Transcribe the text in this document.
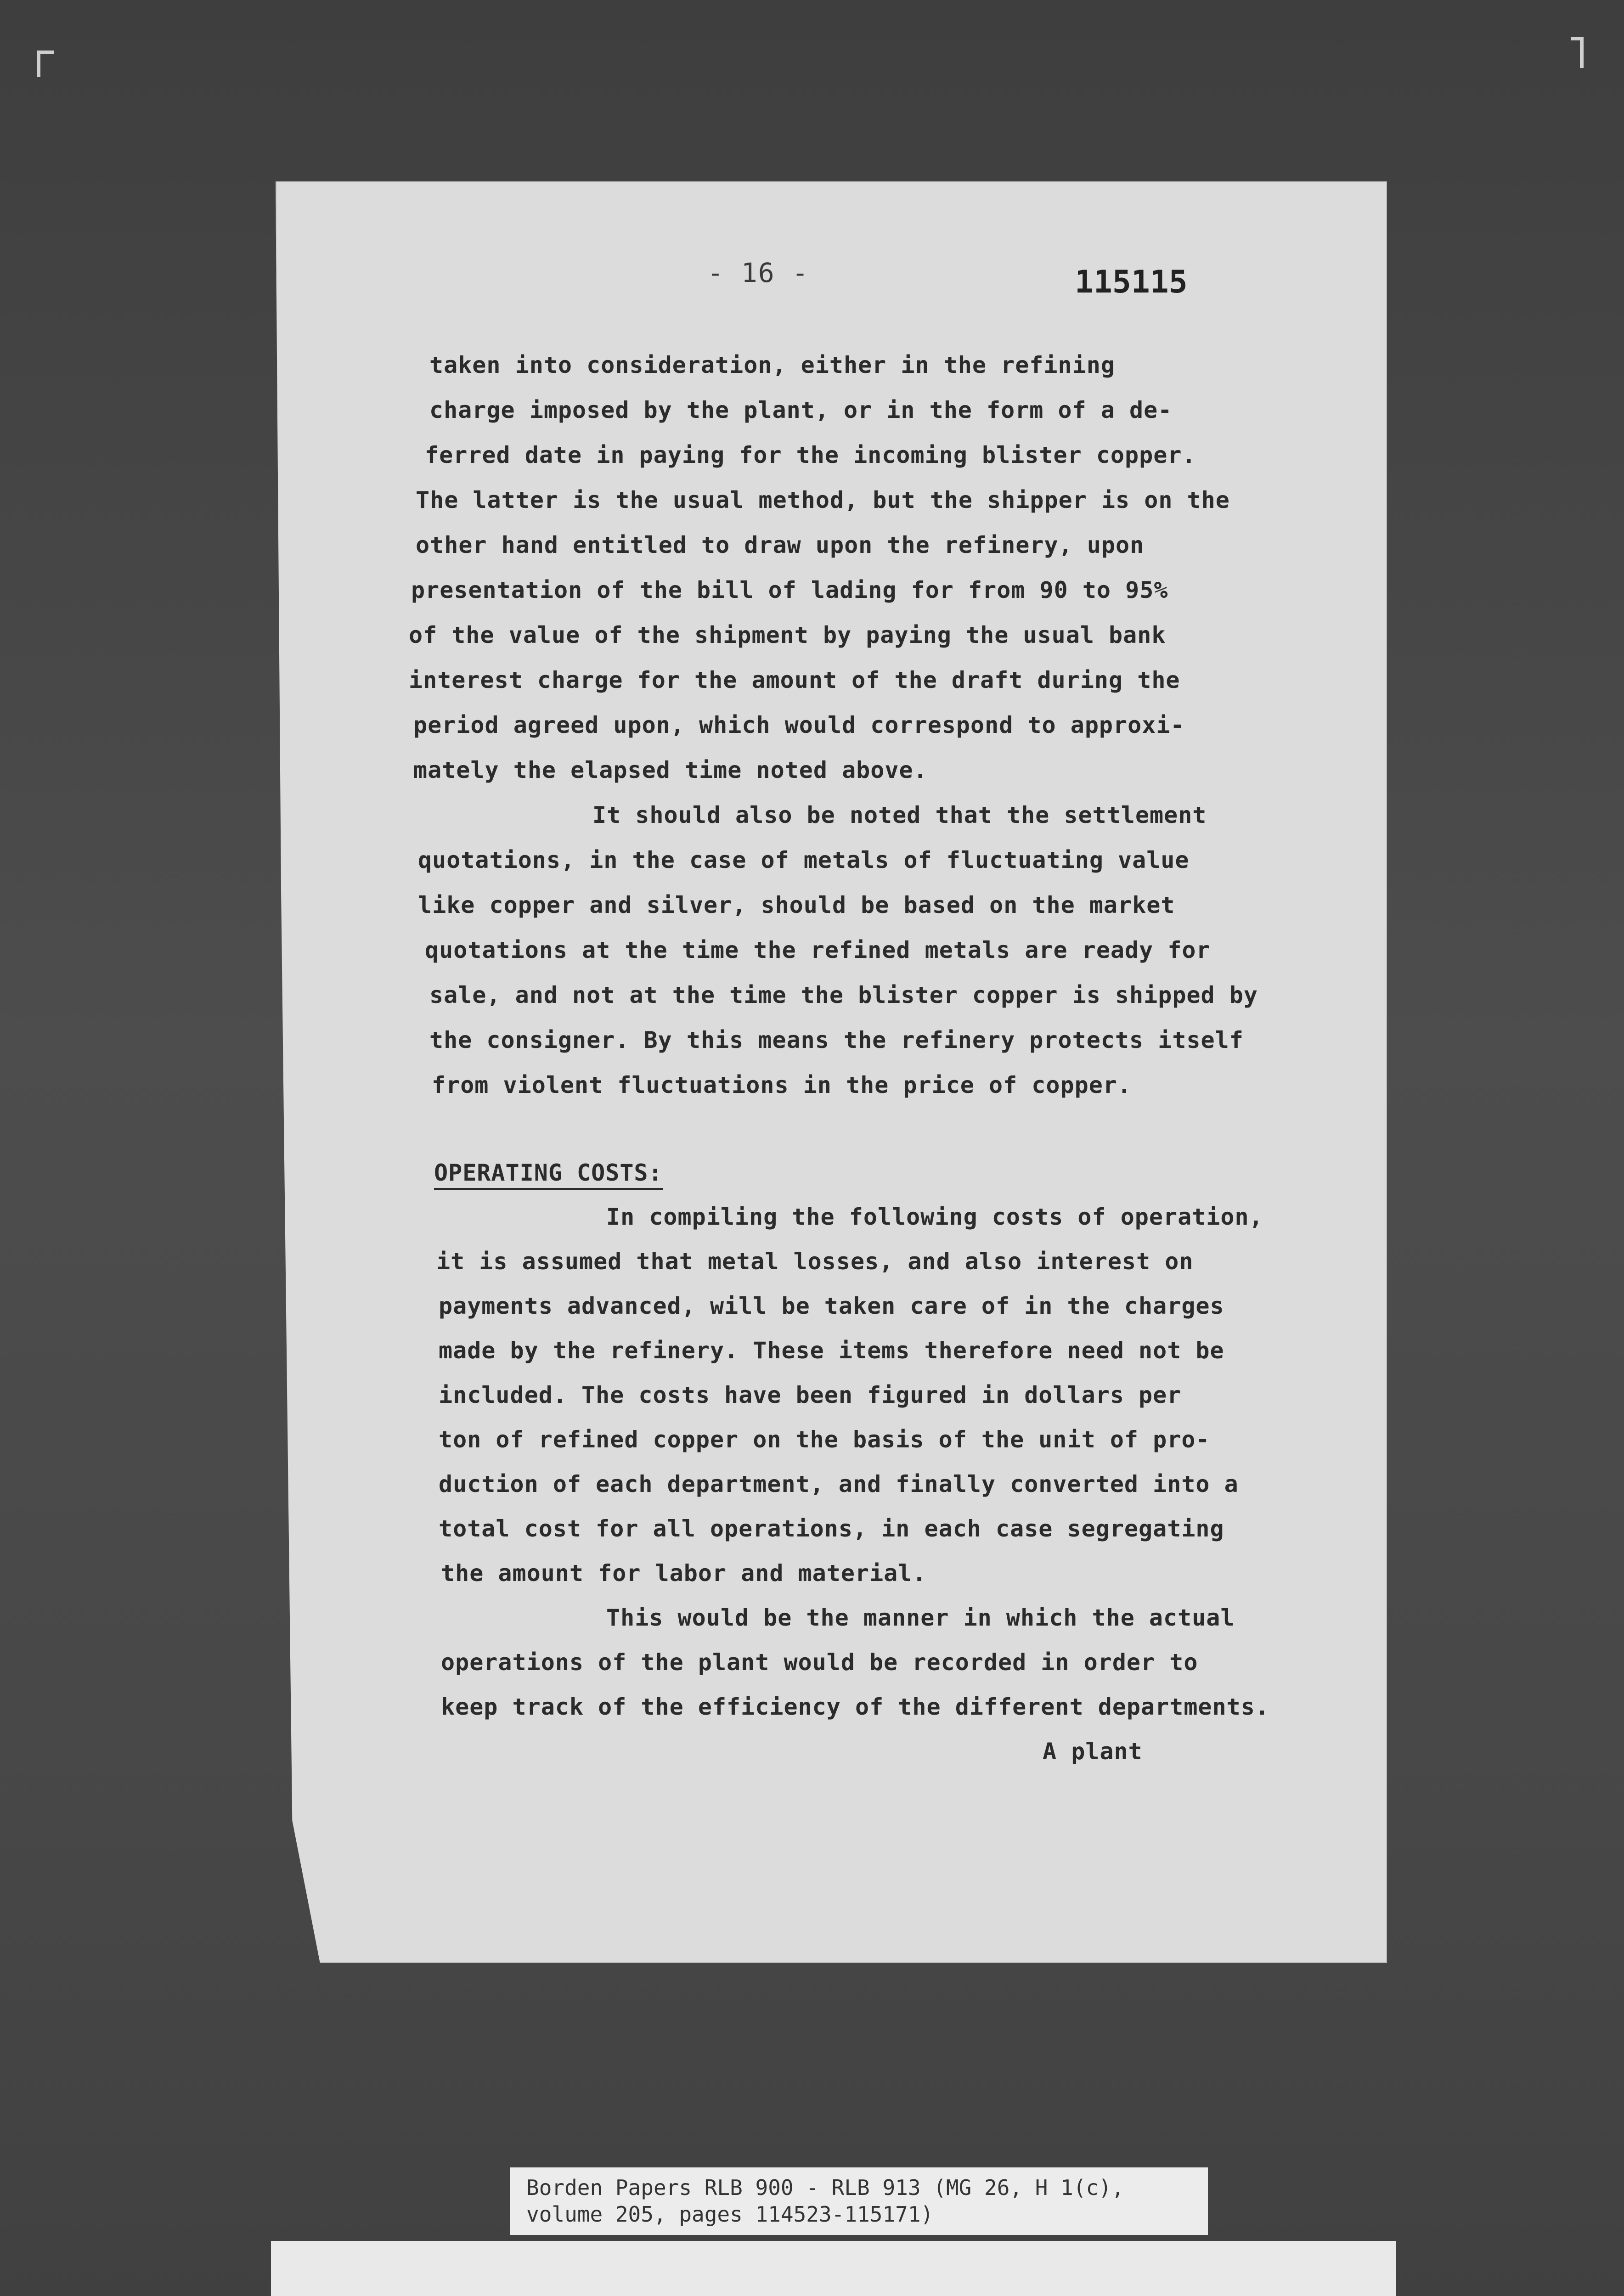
- 16 -	115115
taken into consideration, either in the refining
charge imposed by the plant, or in the form of a de-
ferred date in paying for the incoming blister copper.
The latter is the usual method, but the shipper is on the
other hand entitled to draw upon the refinery, upon
presentation of the bill of lading for from 90 to 95%
of the value of the shipment by paying the usual bank
interest charge for the amount of the draft during the
period agreed upon, which would correspond to approxi-
mately the elapsed time noted above.
It should also be noted that the settlement
quotations, in the case of metals of fluctuating value
like copper and silver, should be based on the market
quotations at the time the refined metals are ready for
sale, and not at the time the blister copper is shipped by
the consigner. By this means the refinery protects itself
from violent fluctuations in the price of copper.
OPERATING COSTS:
In compiling the following costs of operation,
it is assumed that metal losses, and also interest on
payments advanced, will be taken care of in the charges
made by the refinery. These items therefore need not be
included. The costs have been figured in dollars per
ton of refined copper on the basis of the unit of pro-
duction of each department, and finally converted into a
total cost for all operations, in each case segregating
the amount for labor and material.
This would be the manner in which the actual
operations of the plant would be recorded in order to
keep track of the efficiency of the different departments.
A plant
Borden Papers RLB 900 - RLB 913 (MG 26, H 1(c),
volume 205, pages 114523-115171)
